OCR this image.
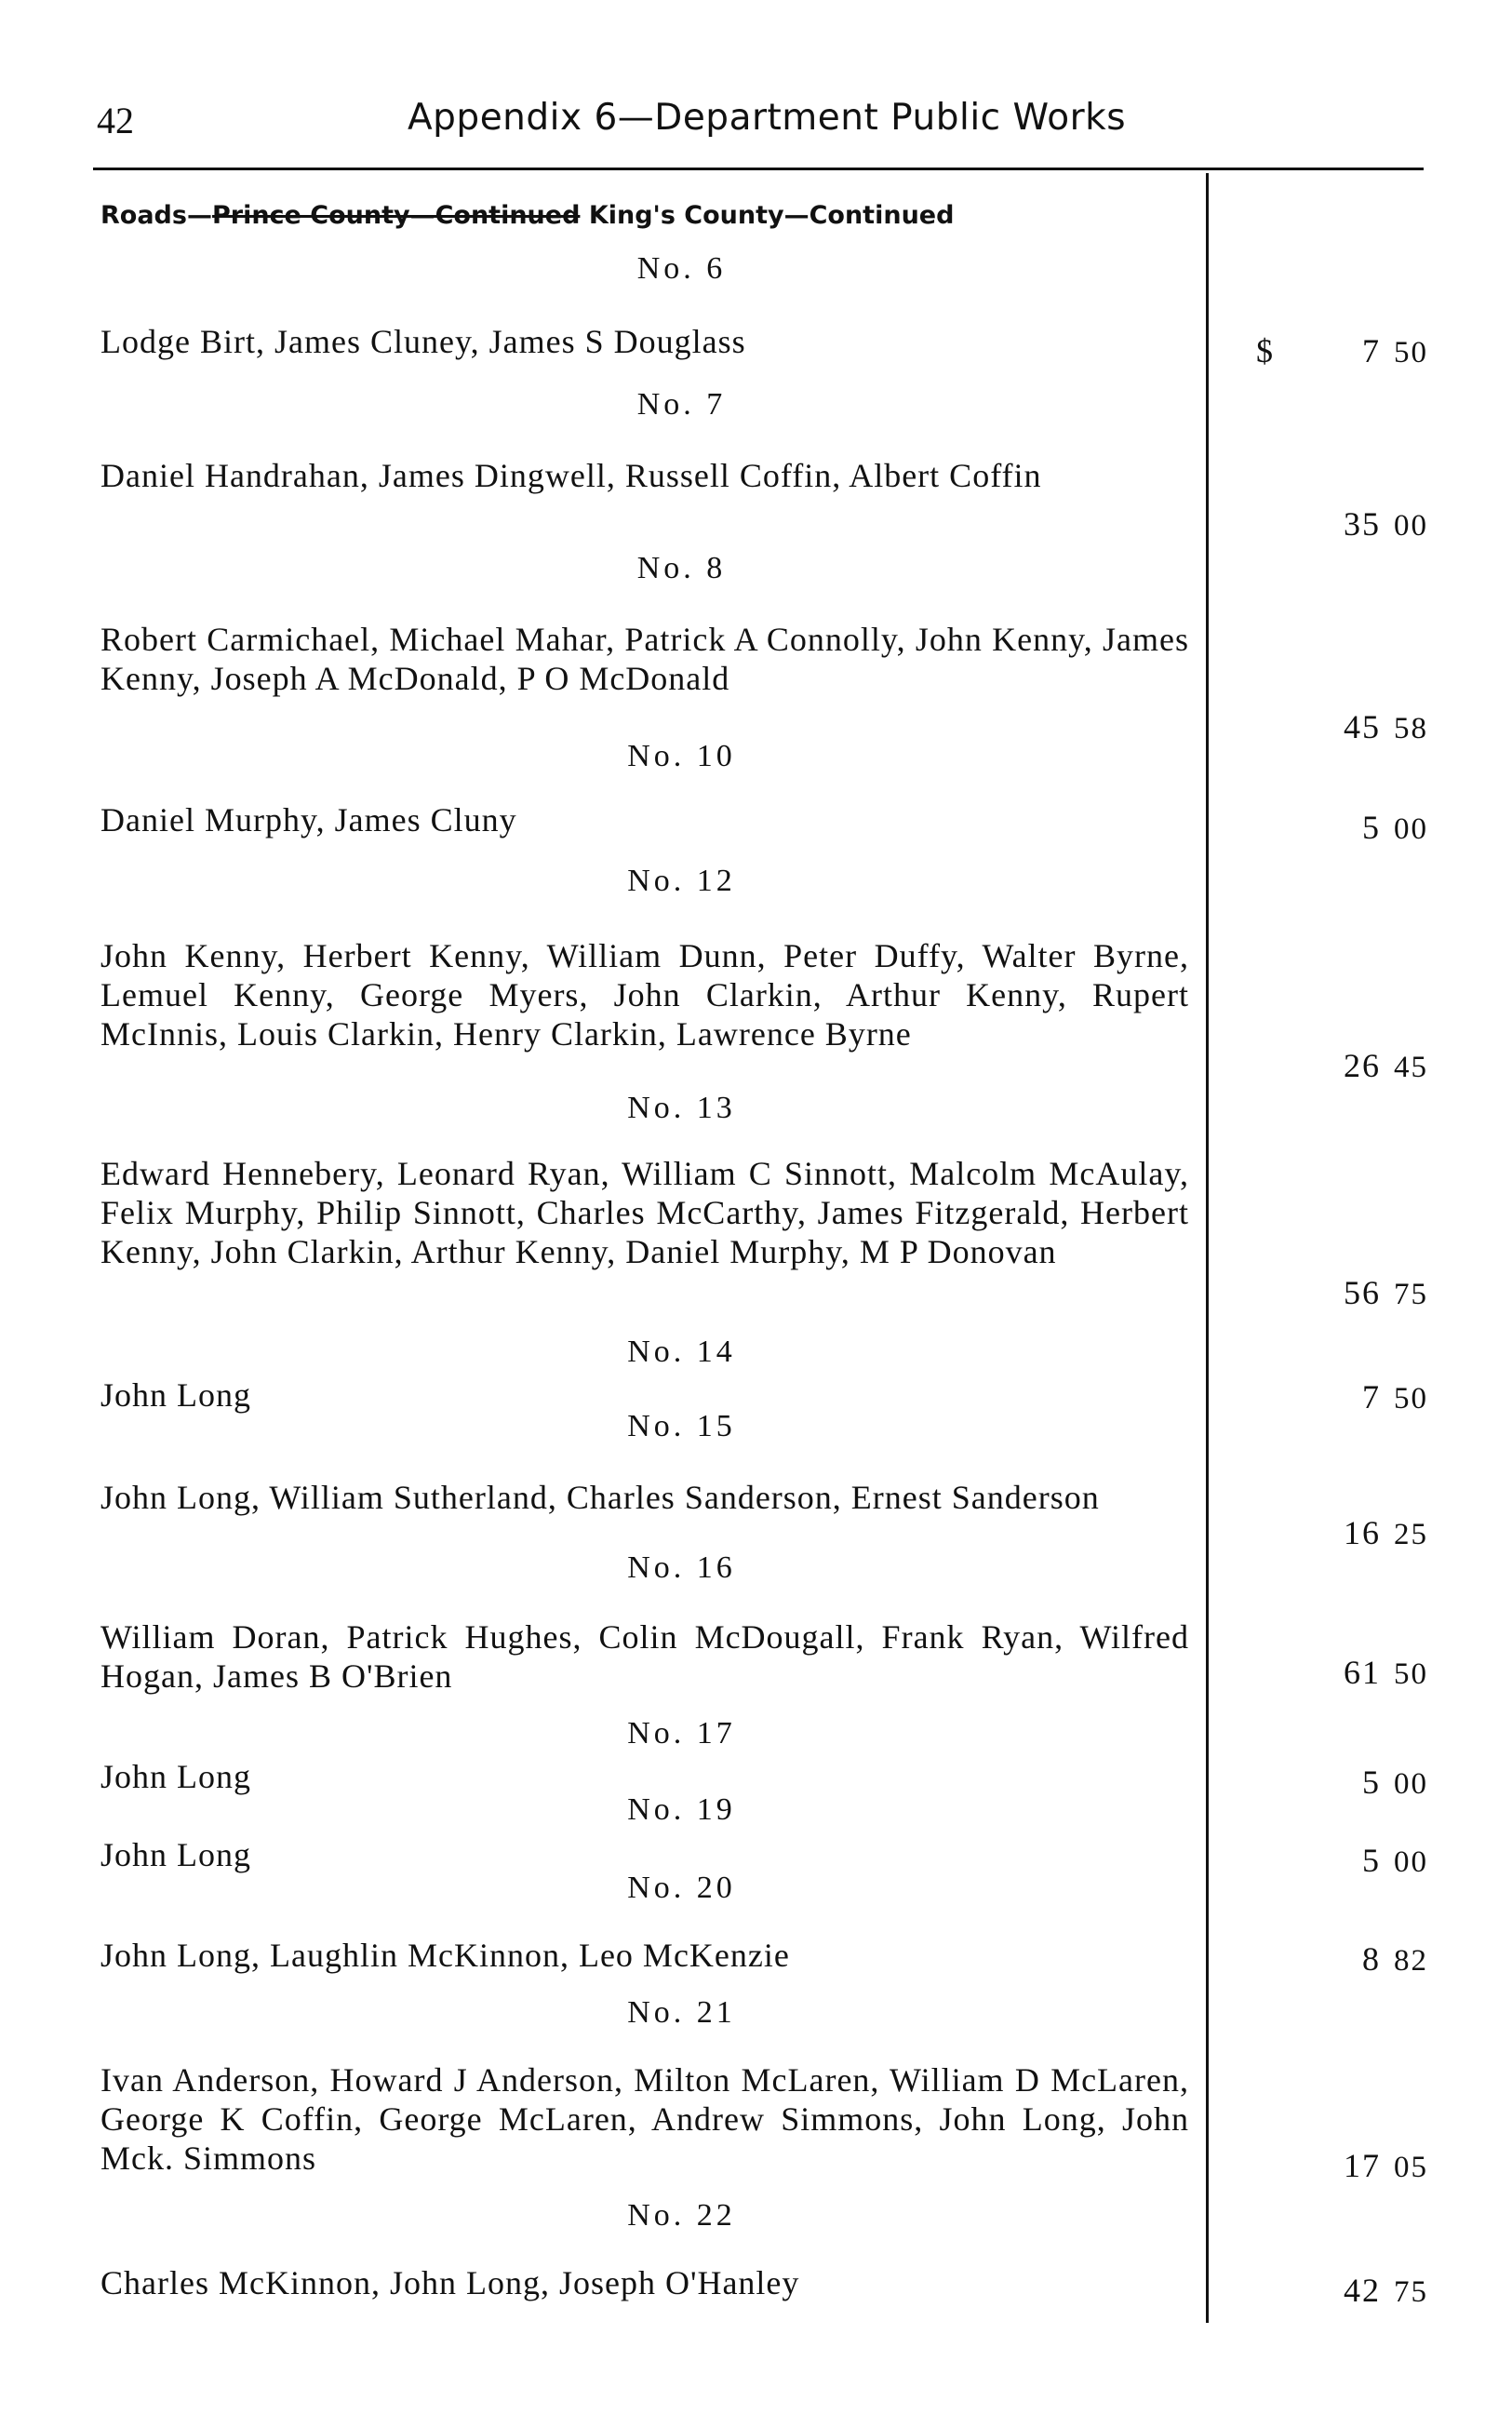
42	Appendix 6—Department Public Works
Roads—Prince County—Continued King's County—Continued
No. 6
Lodge Birt, James Cluney, James S Douglass	$	7 50
No. 7
Daniel Handrahan, James Dingwell, Russell Coffin, Albert Coffin
35 00
No. 8
Robert Carmichael, Michael Mahar, Patrick A Connolly, John Kenny, James Kenny, Joseph A McDonald, P O McDonald
45 58
No. 10
Daniel Murphy, James Cluny	5 00
No. 12
John Kenny, Herbert Kenny, William Dunn, Peter Duffy, Walter Byrne, Lemuel Kenny, George Myers, John Clarkin, Arthur Kenny, Rupert McInnis, Louis Clarkin, Henry Clarkin, Lawrence Byrne
26 45
No. 13
Edward Hennebery, Leonard Ryan, William C Sinnott, Malcolm McAulay, Felix Murphy, Philip Sinnott, Charles McCarthy, James Fitzgerald, Herbert Kenny, John Clarkin, Arthur Kenny, Daniel Murphy, M P Donovan
56 75
No. 14
John Long	7 50
No. 15
John Long, William Sutherland, Charles Sanderson, Ernest Sanderson
16 25
No. 16
William Doran, Patrick Hughes, Colin McDougall, Frank Ryan, Wilfred Hogan, James B O'Brien	61 50
No. 17
John Long	5 00
No. 19
John Long	5 00
No. 20
John Long, Laughlin McKinnon, Leo McKenzie	8 82
No. 21
Ivan Anderson, Howard J Anderson, Milton McLaren, William D McLaren, George K Coffin, George McLaren, Andrew Simmons, John Long, John Mck. Simmons	17 05
No. 22
Charles McKinnon, John Long, Joseph O'Hanley	42 75
